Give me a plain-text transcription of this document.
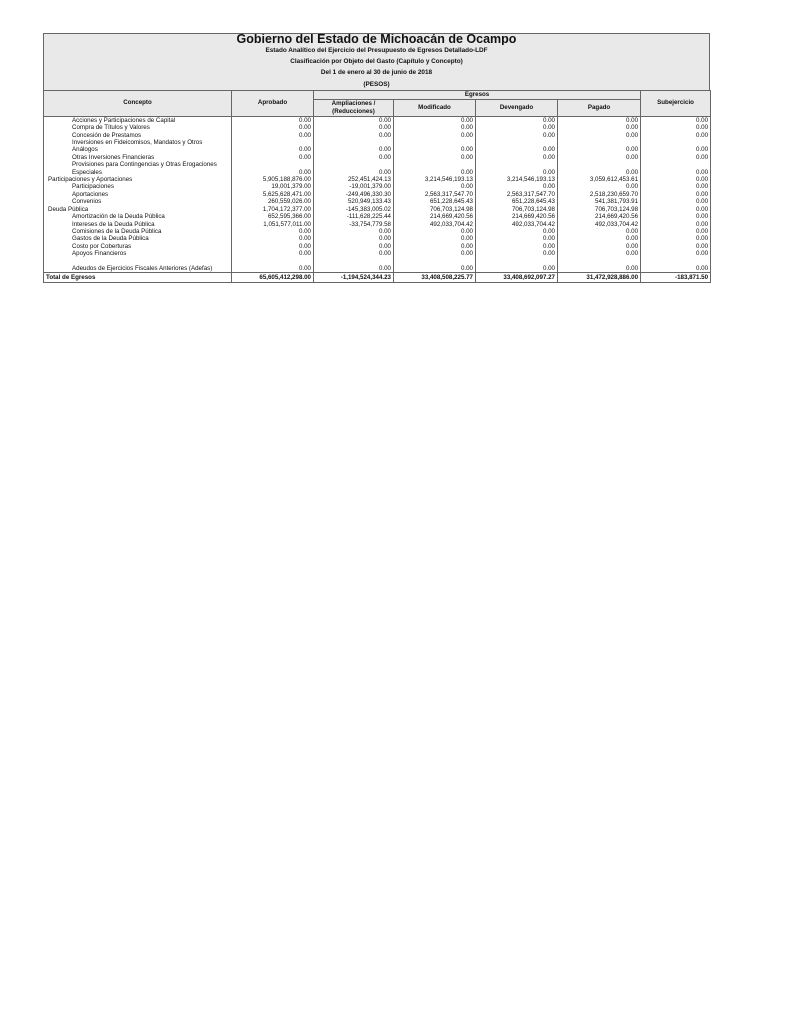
Gobierno del Estado de Michoacán de Ocampo
Estado Analítico del Ejercicio del Presupuesto de Egresos Detallado-LDF
Clasificación por Objeto del Gasto (Capítulo y Concepto)
Del 1 de enero al 30 de junio de 2018
(PESOS)
Concepto	Aprobado	Egresos				Subejercicio
		Ampliaciones / (Reducciones)	Modificado	Devengado	Pagado	
Acciones y Participaciones de Capital	0.00	0.00	0.00	0.00	0.00	0.00
Compra de Títulos y Valores	0.00	0.00	0.00	0.00	0.00	0.00
Concesión de Prestamos	0.00	0.00	0.00	0.00	0.00	0.00
Inversiones en Fideicomisos, Mandatos y Otros Análogos	0.00	0.00	0.00	0.00	0.00	0.00
Otras Inversiones Financieras	0.00	0.00	0.00	0.00	0.00	0.00
Provisiones para Contingencias y Otras Erogaciones Especiales	0.00	0.00	0.00	0.00	0.00	0.00
Participaciones y Aportaciones	5,905,188,876.00	252,451,424.13	3,214,546,193.13	3,214,546,193.13	3,059,612,453.61	0.00
Participaciones	19,001,379.00	-19,001,379.00	0.00	0.00	0.00	0.00
Aportaciones	5,625,628,471.00	-249,496,330.30	2,563,317,547.70	2,563,317,547.70	2,518,230,659.70	0.00
Convenios	260,559,026.00	520,949,133.43	651,228,645.43	651,228,645.43	541,381,793.91	0.00
Deuda Pública	1,704,172,377.00	-145,383,005.02	706,703,124.98	706,703,124.98	706,703,124.98	0.00
Amortización de la Deuda Pública	652,595,366.00	-111,628,225.44	214,669,420.56	214,669,420.56	214,669,420.56	0.00
Intereses de la Deuda Pública	1,051,577,011.00	-33,754,779.58	492,033,704.42	492,033,704.42	492,033,704.42	0.00
Comisiones de la Deuda Pública	0.00	0.00	0.00	0.00	0.00	0.00
Gastos de la Deuda Pública	0.00	0.00	0.00	0.00	0.00	0.00
Costo por Coberturas	0.00	0.00	0.00	0.00	0.00	0.00
Apoyos Financieros	0.00	0.00	0.00	0.00	0.00	0.00
Adeudos de Ejercicios Fiscales Anteriores (Adefas)	0.00	0.00	0.00	0.00	0.00	0.00
Total de Egresos	65,605,412,298.00	-1,194,524,344.23	33,408,508,225.77	33,408,692,097.27	31,472,928,886.00	-183,871.50
